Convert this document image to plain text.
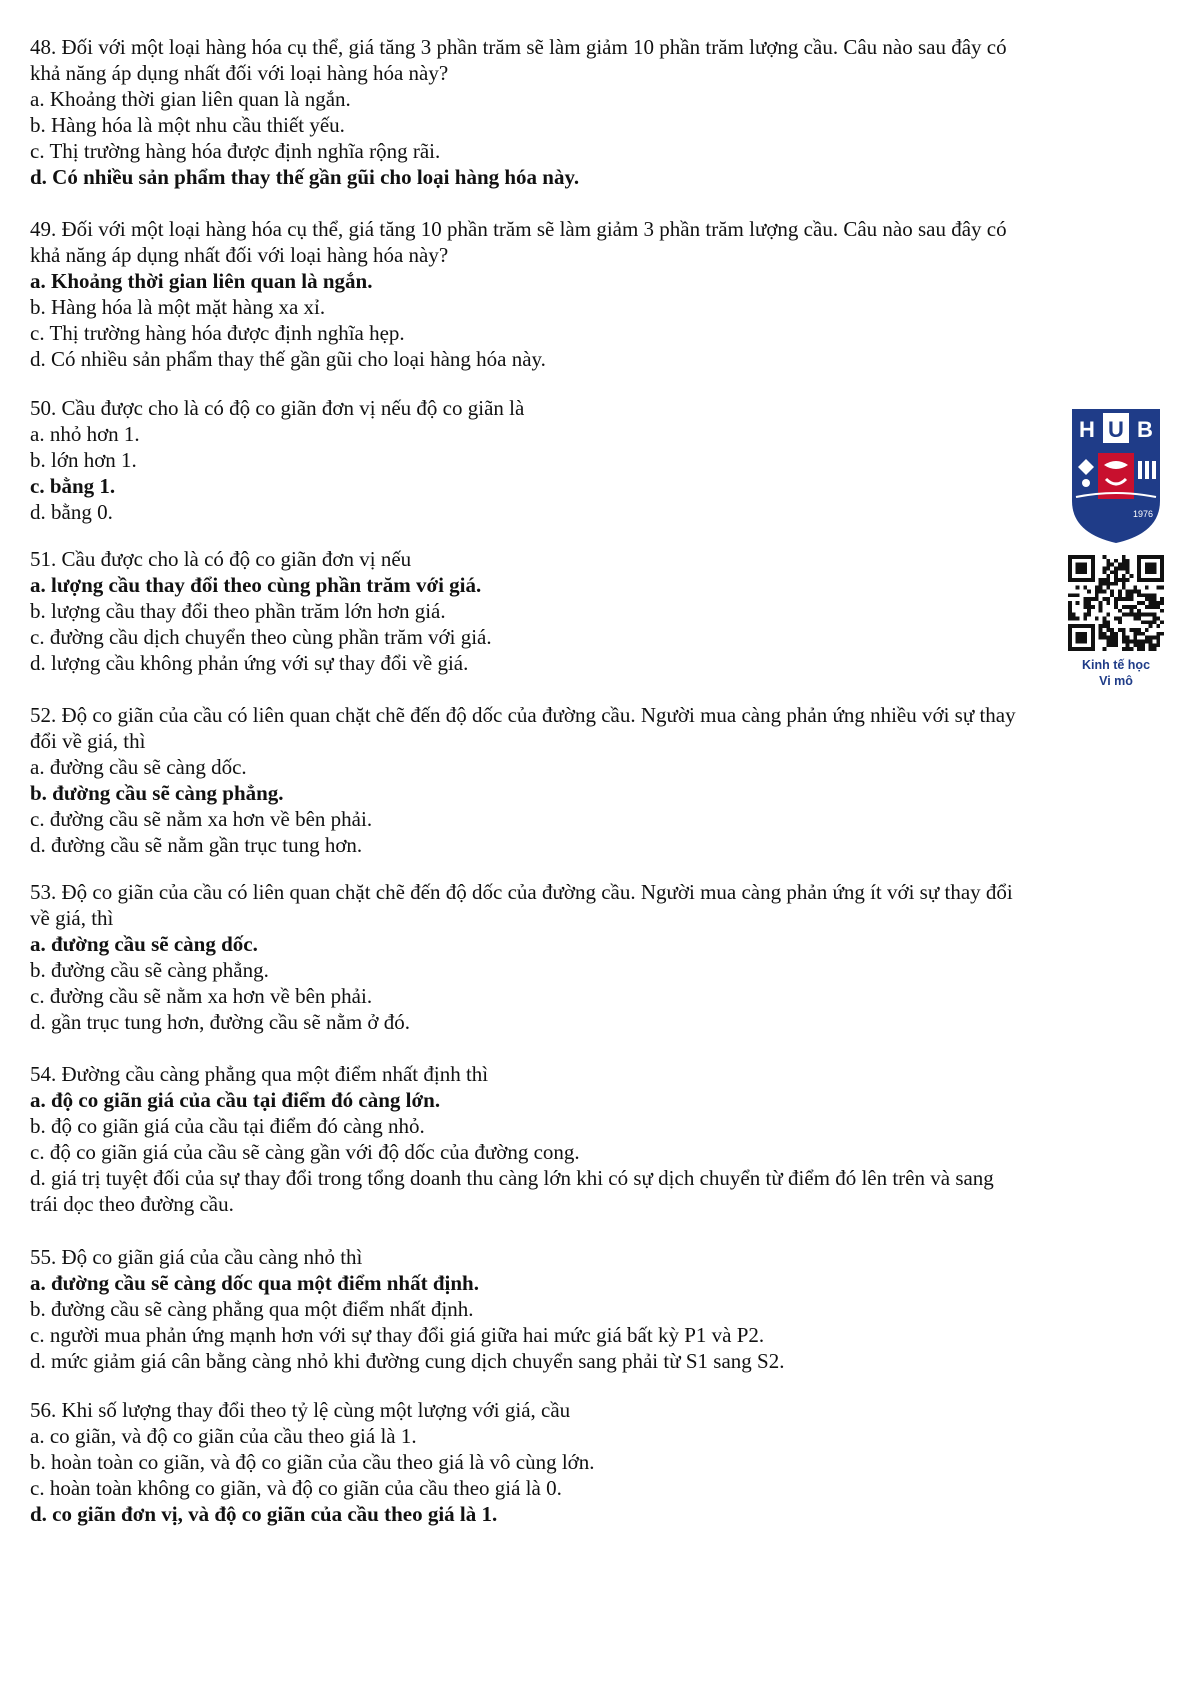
48. Đối với một loại hàng hóa cụ thể, giá tăng 3 phần trăm sẽ làm giảm 10 phần trăm lượng cầu. Câu nào sau đây có
khả năng áp dụng nhất đối với loại hàng hóa này?
a. Khoảng thời gian liên quan là ngắn.
b. Hàng hóa là một nhu cầu thiết yếu.
c. Thị trường hàng hóa được định nghĩa rộng rãi.
d. Có nhiều sản phẩm thay thế gần gũi cho loại hàng hóa này.
49. Đối với một loại hàng hóa cụ thể, giá tăng 10 phần trăm sẽ làm giảm 3 phần trăm lượng cầu. Câu nào sau đây có
khả năng áp dụng nhất đối với loại hàng hóa này?
a. Khoảng thời gian liên quan là ngắn.
b. Hàng hóa là một mặt hàng xa xỉ.
c. Thị trường hàng hóa được định nghĩa hẹp.
d. Có nhiều sản phẩm thay thế gần gũi cho loại hàng hóa này.
50. Cầu được cho là có độ co giãn đơn vị nếu độ co giãn là
a. nhỏ hơn 1.
b. lớn hơn 1.
c. bằng 1.
d. bằng 0.
51. Cầu được cho là có độ co giãn đơn vị nếu
a. lượng cầu thay đổi theo cùng phần trăm với giá.
b. lượng cầu thay đổi theo phần trăm lớn hơn giá.
c. đường cầu dịch chuyển theo cùng phần trăm với giá.
d. lượng cầu không phản ứng với sự thay đổi về giá.
52. Độ co giãn của cầu có liên quan chặt chẽ đến độ dốc của đường cầu. Người mua càng phản ứng nhiều với sự thay
đổi về giá, thì
a. đường cầu sẽ càng dốc.
b. đường cầu sẽ càng phẳng.
c. đường cầu sẽ nằm xa hơn về bên phải.
d. đường cầu sẽ nằm gần trục tung hơn.
53. Độ co giãn của cầu có liên quan chặt chẽ đến độ dốc của đường cầu. Người mua càng phản ứng ít với sự thay đổi
về giá, thì
a. đường cầu sẽ càng dốc.
b. đường cầu sẽ càng phẳng.
c. đường cầu sẽ nằm xa hơn về bên phải.
d. gần trục tung hơn, đường cầu sẽ nằm ở đó.
54. Đường cầu càng phẳng qua một điểm nhất định thì
a. độ co giãn giá của cầu tại điểm đó càng lớn.
b. độ co giãn giá của cầu tại điểm đó càng nhỏ.
c. độ co giãn giá của cầu sẽ càng gần với độ dốc của đường cong.
d. giá trị tuyệt đối của sự thay đổi trong tổng doanh thu càng lớn khi có sự dịch chuyển từ điểm đó lên trên và sang
trái dọc theo đường cầu.
55. Độ co giãn giá của cầu càng nhỏ thì
a. đường cầu sẽ càng dốc qua một điểm nhất định.
b. đường cầu sẽ càng phẳng qua một điểm nhất định.
c. người mua phản ứng mạnh hơn với sự thay đổi giá giữa hai mức giá bất kỳ P1 và P2.
d. mức giảm giá cân bằng càng nhỏ khi đường cung dịch chuyển sang phải từ S1 sang S2.
56. Khi số lượng thay đổi theo tỷ lệ cùng một lượng với giá, cầu
a. co giãn, và độ co giãn của cầu theo giá là 1.
b. hoàn toàn co giãn, và độ co giãn của cầu theo giá là vô cùng lớn.
c. hoàn toàn không co giãn, và độ co giãn của cầu theo giá là 0.
d. co giãn đơn vị, và độ co giãn của cầu theo giá là 1.
H U B
1976
Kinh tế học
Vi mô
